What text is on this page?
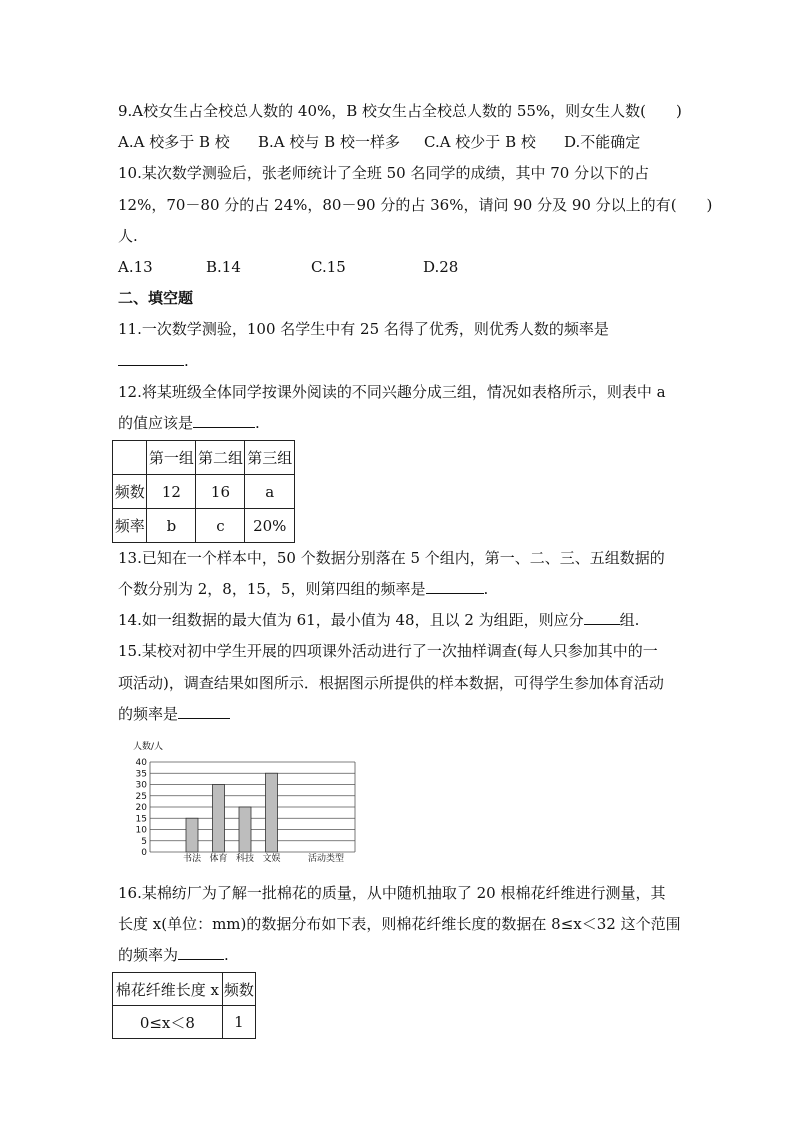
9.A校女生占全校总人数的 40%，B 校女生占全校总人数的 55%，则女生人数(　　)
A.A 校多于 B 校 B.A 校与 B 校一样多 C.A 校少于 B 校 D.不能确定
10.某次数学测验后，张老师统计了全班 50 名同学的成绩，其中 70 分以下的占
12%，70－80 分的占 24%，80－90 分的占 36%，请问 90 分及 90 分以上的有(　　)
人.
A.13	B.14	C.15	D.28
二、填空题
11.一次数学测验，100 名学生中有 25 名得了优秀，则优秀人数的频率是
.
12.将某班级全体同学按课外阅读的不同兴趣分成三组，情况如表格所示，则表中 a
的值应该是	.
	第一组	第二组	第三组
频数	12	16	a
频率	b	c	20%
13.已知在一个样本中，50 个数据分别落在 5 个组内，第一、二、三、五组数据的
个数分别为 2，8，15，5，则第四组的频率是	.
14.如一组数据的最大值为 61，最小值为 48，且以 2 为组距，则应分 组.
15.某校对初中学生开展的四项课外活动进行了一次抽样调查(每人只参加其中的一
项活动)，调查结果如图所示．根据图示所提供的样本数据，可得学生参加体育活动
的频率是
0
5
10
15
20
25
30
35
40
书法 体育 科技 文娱
人数/人
活动类型
16.某棉纺厂为了解一批棉花的质量，从中随机抽取了 20 根棉花纤维进行测量，其
长度 x(单位：mm)的数据分布如下表，则棉花纤维长度的数据在 8≤x＜32 这个范围
的频率为	.
棉花纤维长度 x	频数
0≤x＜8	1
